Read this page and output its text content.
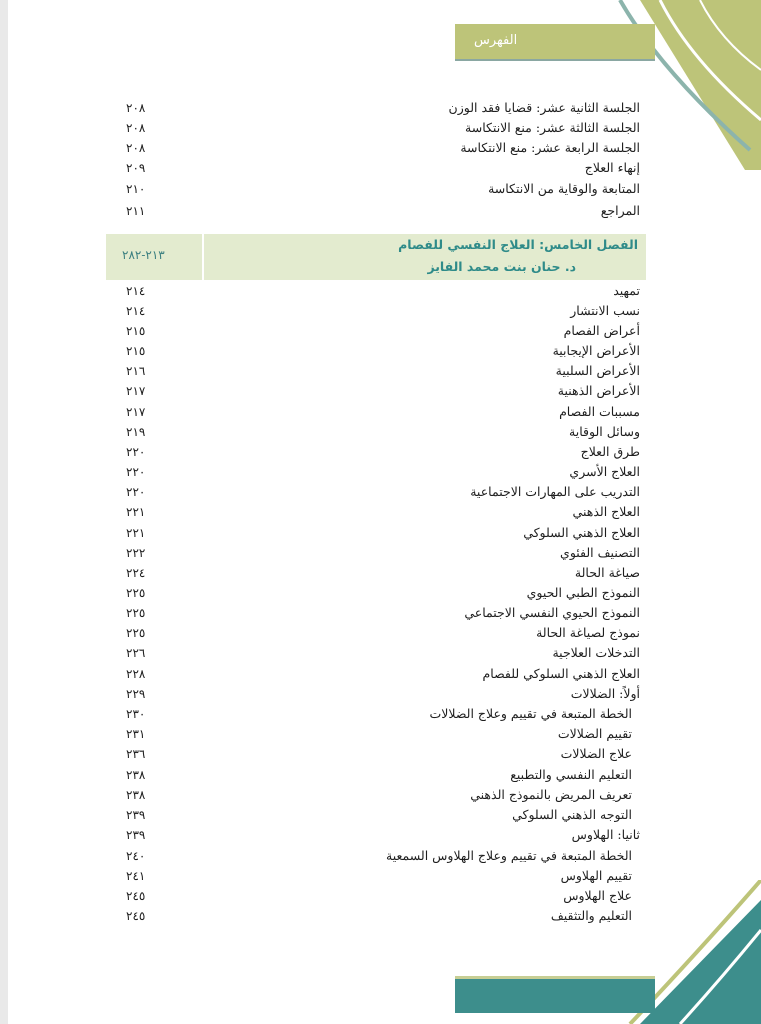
الفهرس
الجلسة الثانية عشر: قضايا فقد الوزن
٢٠٨
الجلسة الثالثة عشر: منع الانتكاسة
٢٠٨
الجلسة الرابعة عشر: منع الانتكاسة
٢٠٨
إنهاء العلاج
٢٠٩
المتابعة والوقاية من الانتكاسة
٢١٠
المراجع
٢١١
٢١٣-٢٨٢
الفصل الخامس: العلاج النفسي للفصام
د. حنان بنت محمد الفايز
تمهيد
٢١٤
نسب الانتشار
٢١٤
أعراض الفصام
٢١٥
الأعراض الإيجابية
٢١٥
الأعراض السلبية
٢١٦
الأعراض الذهنية
٢١٧
مسببات الفصام
٢١٧
وسائل الوقاية
٢١٩
طرق العلاج
٢٢٠
العلاج الأسري
٢٢٠
التدريب على المهارات الاجتماعية
٢٢٠
العلاج الذهني
٢٢١
العلاج الذهني السلوكي
٢٢١
التصنيف الفئوي
٢٢٢
صياغة الحالة
٢٢٤
النموذج الطبي الحيوي
٢٢٥
النموذج الحيوي النفسي الاجتماعي
٢٢٥
نموذج لصياغة الحالة
٢٢٥
التدخلات العلاجية
٢٢٦
العلاج الذهني السلوكي للفصام
٢٢٨
أولاً: الضلالات
٢٢٩
الخطة المتبعة في تقييم وعلاج الضلالات
٢٣٠
تقييم الضلالات
٢٣١
علاج الضلالات
٢٣٦
التعليم النفسي والتطبيع
٢٣٨
تعريف المريض بالنموذج الذهني
٢٣٨
التوجه الذهني السلوكي
٢٣٩
ثانيا: الهلاوس
٢٣٩
الخطة المتبعة في تقييم وعلاج الهلاوس السمعية
٢٤٠
تقييم الهلاوس
٢٤١
علاج الهلاوس
٢٤٥
التعليم والتثقيف
٢٤٥
